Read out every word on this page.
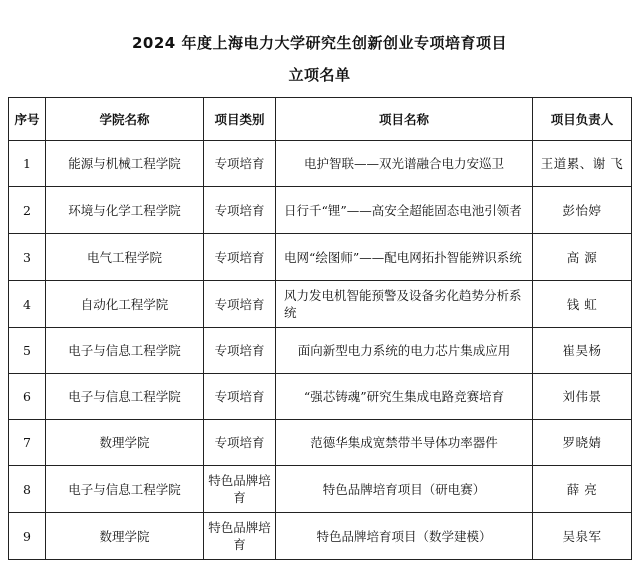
2024 年度上海电力大学研究生创新创业专项培育项目
立项名单
序号	学院名称	项目类别	项目名称	项目负责人
1	能源与机械工程学院	专项培育	电护智联——双光谱融合电力安巡卫	王道累、谢 飞
2	环境与化学工程学院	专项培育	日行千“锂”——高安全超能固态电池引领者	彭怡婷
3	电气工程学院	专项培育	电网“绘图师”——配电网拓扑智能辨识系统	高 源
4	自动化工程学院	专项培育	风力发电机智能预警及设备劣化趋势分析系统	钱 虹
5	电子与信息工程学院	专项培育	面向新型电力系统的电力芯片集成应用	崔昊杨
6	电子与信息工程学院	专项培育	“强芯铸魂”研究生集成电路竞赛培育	刘伟景
7	数理学院	专项培育	范德华集成宽禁带半导体功率器件	罗晓婧
8	电子与信息工程学院	特色品牌培育	特色品牌培育项目（研电赛）	薛 亮
9	数理学院	特色品牌培育	特色品牌培育项目（数学建模）	吴泉军
